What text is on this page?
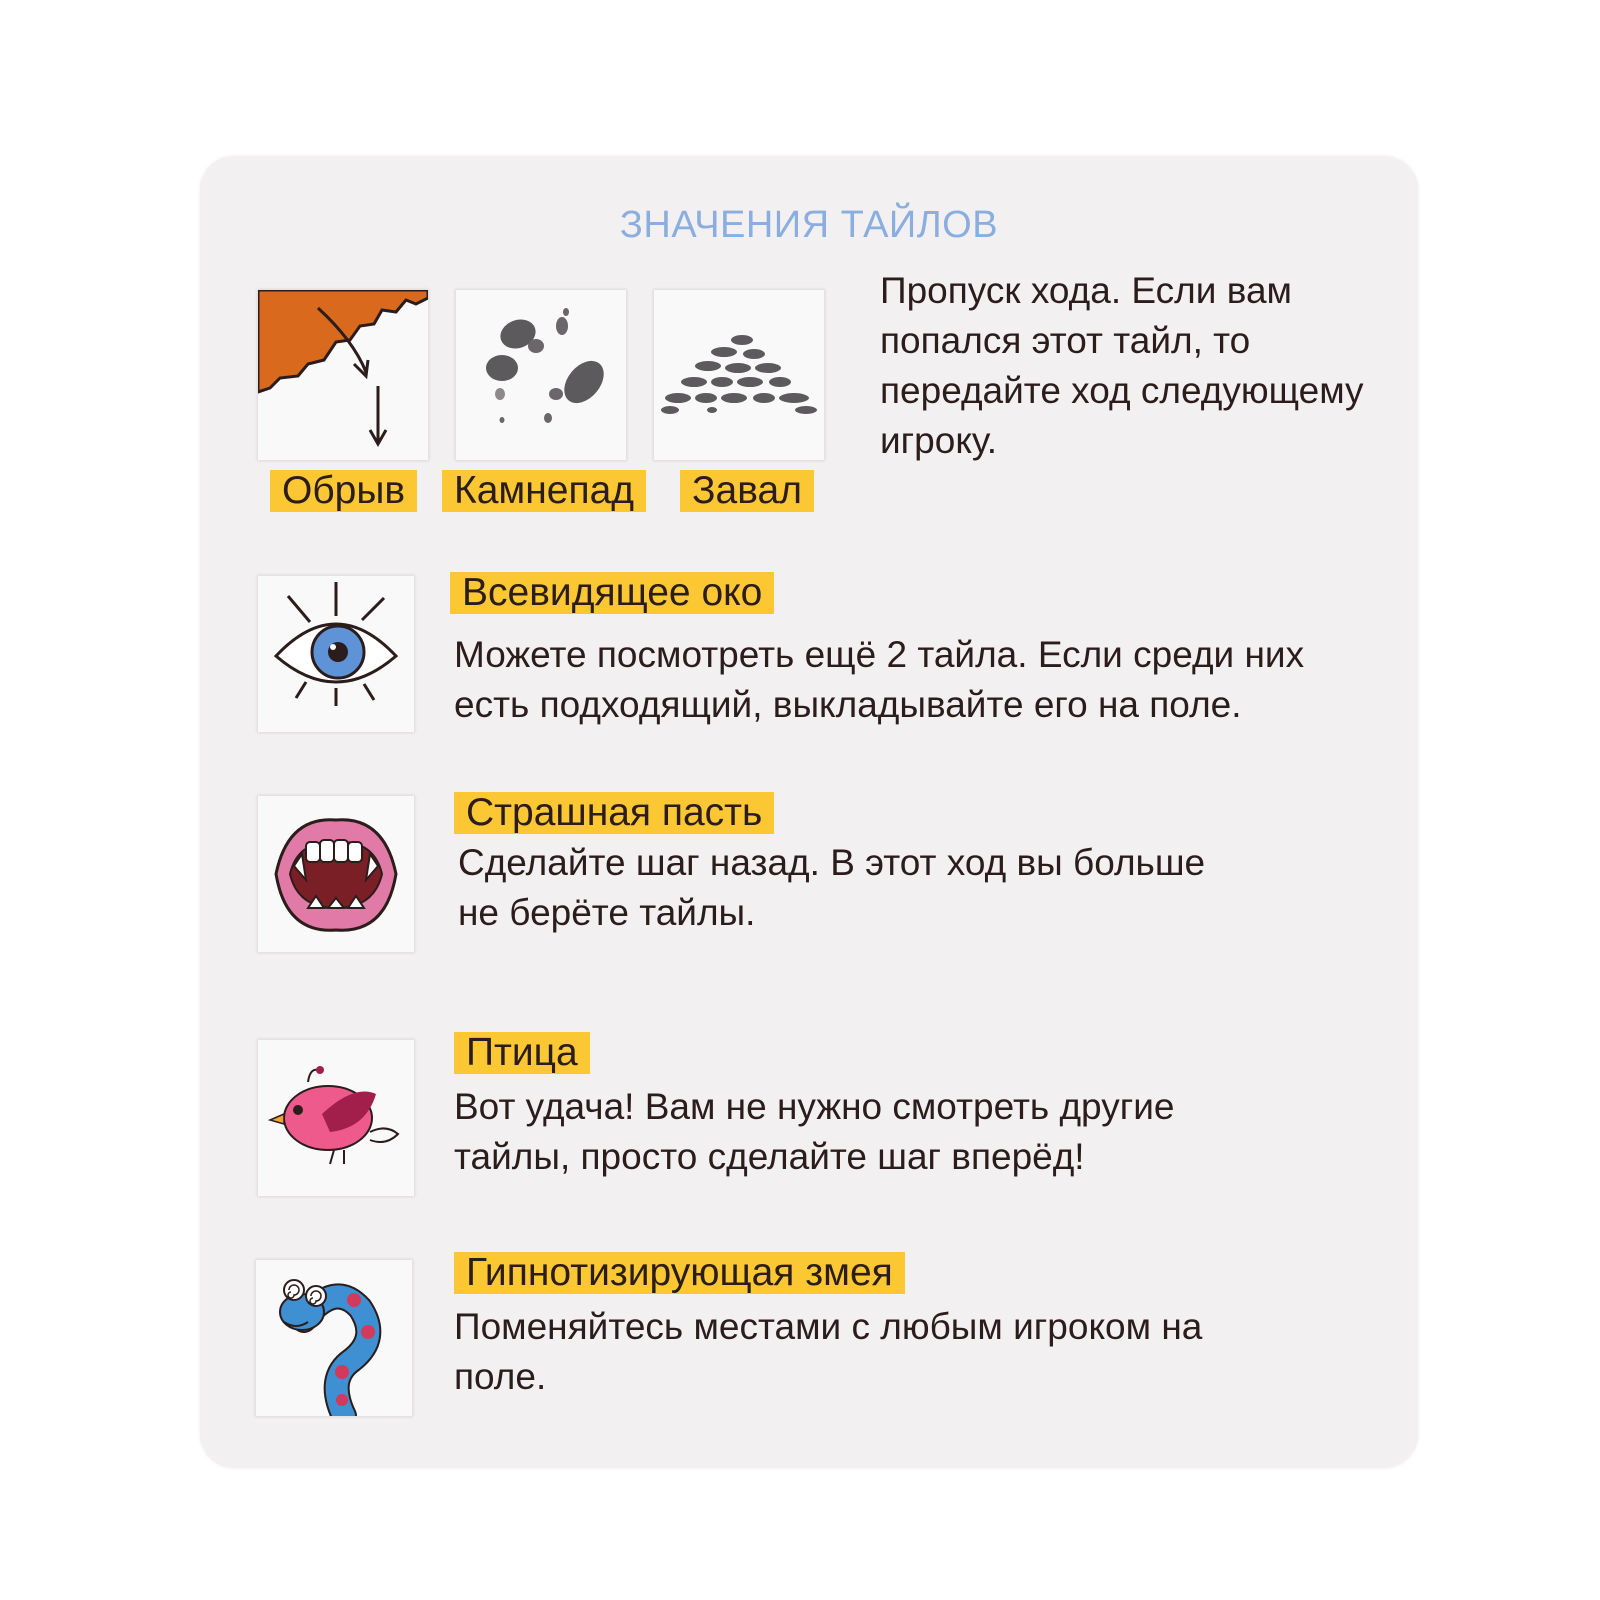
ЗНАЧЕНИЯ ТАЙЛОВ
Обрыв	Камнепад	Завал
Пропуск хода. Если вам попался этот тайл, то передайте ход следующему игроку.
Всевидящее око
Можете посмотреть ещё 2 тайла. Если среди них есть подходящий, выкладывайте его на поле.
Страшная пасть
Сделайте шаг назад. В этот ход вы больше не берёте тайлы.
Птица
Вот удача! Вам не нужно смотреть другие тайлы, просто сделайте шаг вперёд!
Гипнотизирующая змея
Поменяйтесь местами с любым игроком на поле.
